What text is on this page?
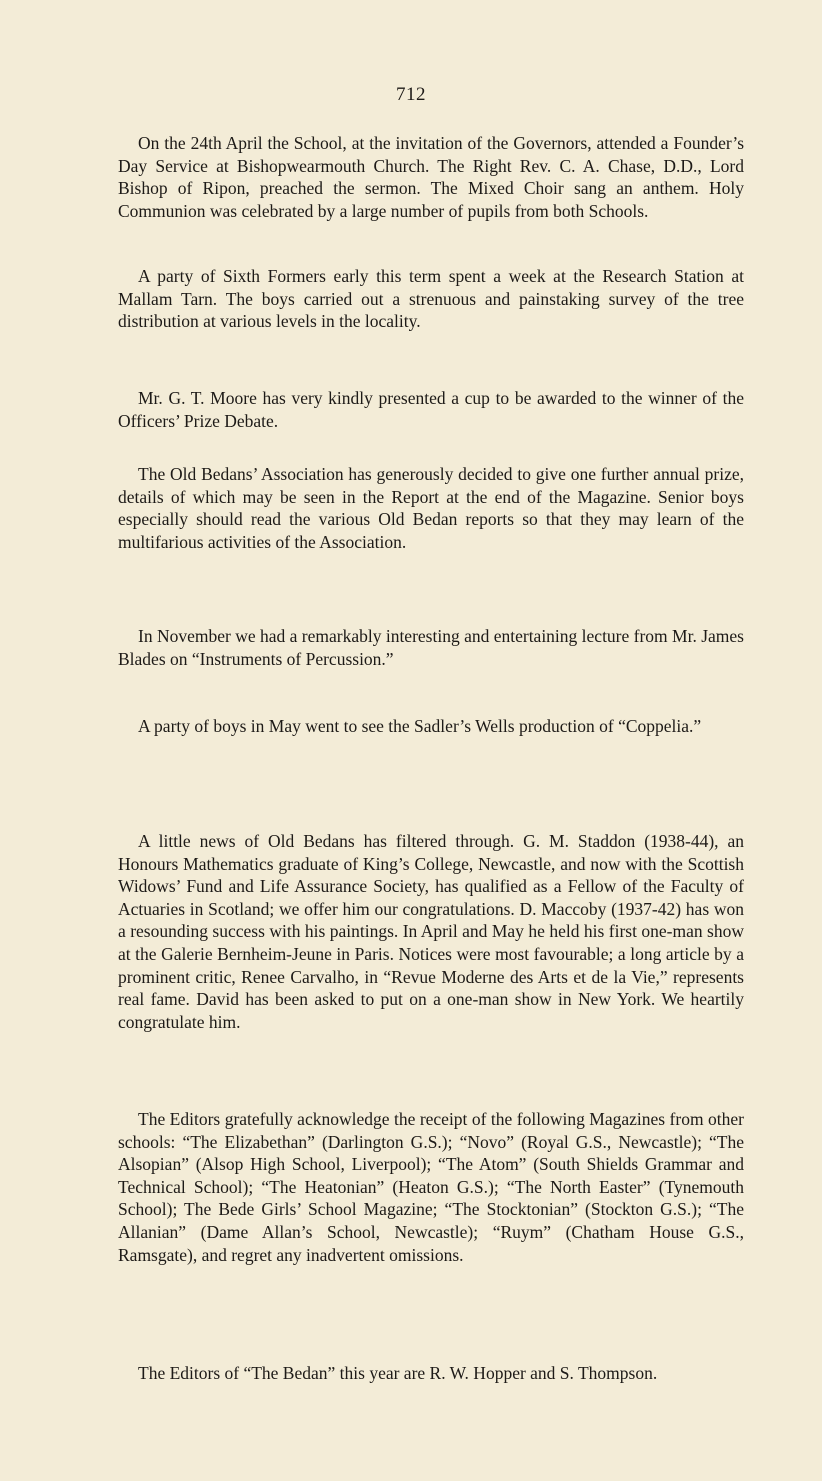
712

On the 24th April the School, at the invitation of the Governors, attended a Founder’s Day Service at Bishopwearmouth Church. The Right Rev. C. A. Chase, D.D., Lord Bishop of Ripon, preached the sermon. The Mixed Choir sang an anthem. Holy Communion was celebrated by a large number of pupils from both Schools.

A party of Sixth Formers early this term spent a week at the Research Station at Mallam Tarn. The boys carried out a strenuous and painstaking survey of the tree distribution at various levels in the locality.

Mr. G. T. Moore has very kindly presented a cup to be awarded to the winner of the Officers’ Prize Debate.

The Old Bedans’ Association has generously decided to give one further annual prize, details of which may be seen in the Report at the end of the Magazine. Senior boys especially should read the various Old Bedan reports so that they may learn of the multifarious activities of the Association.

In November we had a remarkably interesting and entertaining lecture from Mr. James Blades on “Instruments of Percussion.”

A party of boys in May went to see the Sadler’s Wells production of “Coppelia.”

A little news of Old Bedans has filtered through. G. M. Staddon (1938-44), an Honours Mathematics graduate of King’s College, Newcastle, and now with the Scottish Widows’ Fund and Life Assurance Society, has qualified as a Fellow of the Faculty of Actuaries in Scotland; we offer him our congratulations. D. Maccoby (1937-42) has won a resounding success with his paintings. In April and May he held his first one-man show at the Galerie Bernheim-Jeune in Paris. Notices were most favourable; a long article by a prominent critic, Renee Carvalho, in “Revue Moderne des Arts et de la Vie,” represents real fame. David has been asked to put on a one-man show in New York. We heartily congratulate him.

The Editors gratefully acknowledge the receipt of the following Magazines from other schools: “The Elizabethan” (Darlington G.S.); “Novo” (Royal G.S., Newcastle); “The Alsopian” (Alsop High School, Liverpool); “The Atom” (South Shields Grammar and Technical School); “The Heatonian” (Heaton G.S.); “The North Easter” (Tynemouth School); The Bede Girls’ School Magazine; “The Stocktonian” (Stockton G.S.); “The Allanian” (Dame Allan’s School, Newcastle); “Ruym” (Chatham House G.S., Ramsgate), and regret any inadvertent omissions.

The Editors of “The Bedan” this year are R. W. Hopper and S. Thompson.
